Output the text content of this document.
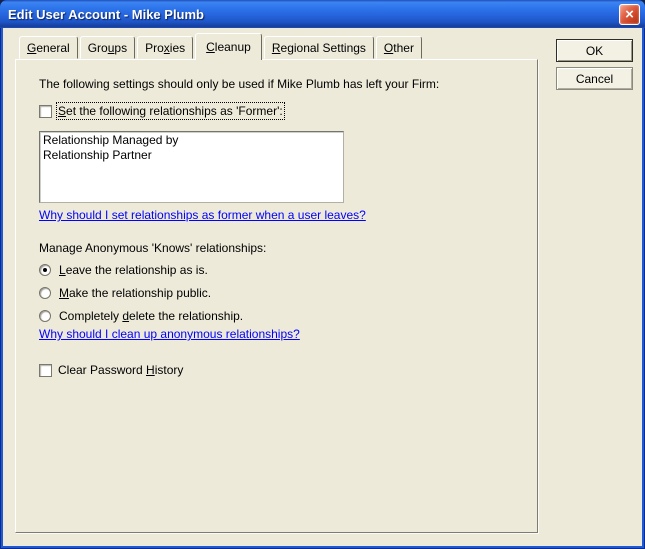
Edit User Account - Mike Plumb	×
General Groups Proxies Cleanup Regional Settings Other
The following settings should only be used if Mike Plumb has left your Firm:
Set the following relationships as 'Former':
Relationship Managed by
Relationship Partner
Why should I set relationships as former when a user leaves?
Manage Anonymous 'Knows' relationships:
Leave the relationship as is.
Make the relationship public.
Completely delete the relationship.
Why should I clean up anonymous relationships?
Clear Password History
OK
Cancel
